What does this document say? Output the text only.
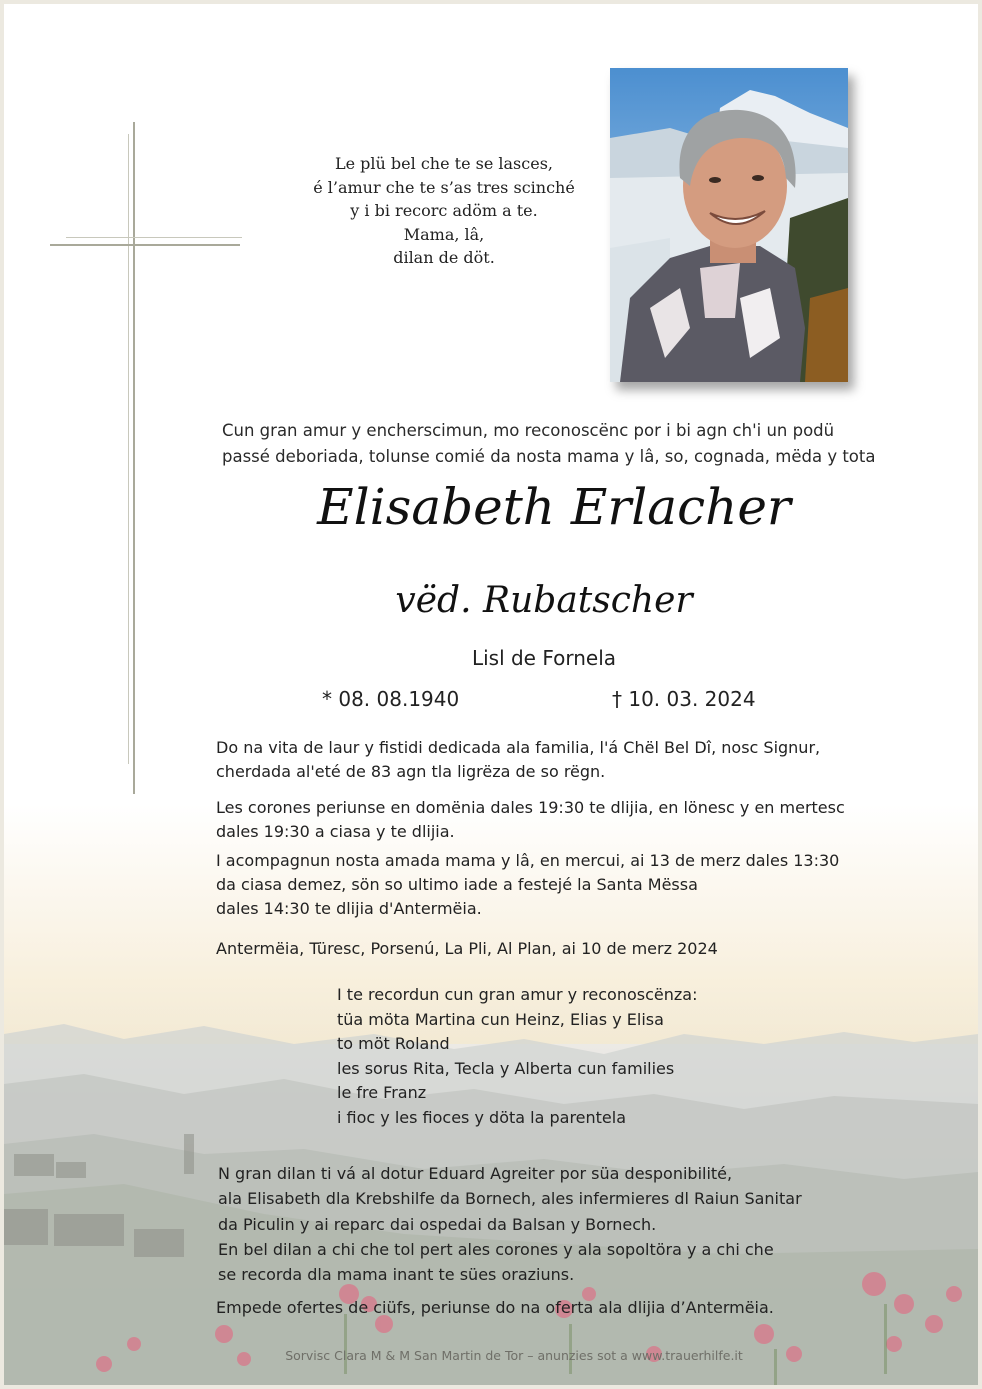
Le plü bel che te se lasces,
é l’amur che te s’as tres scinché
y i bi recorc adöm a te.
Mama, lâ,
dilan de döt.
Cun gran amur y encherscimun, mo reconoscënc por i bi agn ch'i un podü
passé deboriada, tolunse comié da nosta mama y lâ, so, cognada, mëda y tota
Elisabeth Erlacher
vëd. Rubatscher
Lisl de Fornela
* 08. 08.1940	† 10. 03. 2024
Do na vita de laur y fistidi dedicada ala familia, l'á Chël Bel Dî, nosc Signur,
cherdada al'eté de 83 agn tla ligrëza de so rëgn.
Les corones periunse en domënia dales 19:30 te dlijia, en lönesc y en mertesc
dales 19:30 a ciasa y te dlijia.
I acompagnun nosta amada mama y lâ, en mercui, ai 13 de merz dales 13:30
da ciasa demez, sön so ultimo iade a festejé la Santa Mëssa
dales 14:30 te dlijia d'Antermëia.
Antermëia, Türesc, Porsenú, La Pli, Al Plan, ai 10 de merz 2024
I te recordun cun gran amur y reconoscënza:
tüa möta Martina cun Heinz, Elias y Elisa
to möt Roland
les sorus Rita, Tecla y Alberta cun families
le fre Franz
i fioc y les fioces y döta la parentela
N gran dilan ti vá al dotur Eduard Agreiter por süa desponibilité,
ala Elisabeth dla Krebshilfe da Bornech, ales infermieres dl Raiun Sanitar
da Piculin y ai reparc dai ospedai da Balsan y Bornech.
En bel dilan a chi che tol pert ales corones y ala sopoltöra y a chi che
se recorda dla mama inant te sües oraziuns.
Empede ofertes de ciüfs, periunse do na oferta ala dlijia d’Antermëia.
Sorvisc Clara M & M San Martin de Tor – anunzies sot a www.trauerhilfe.it
